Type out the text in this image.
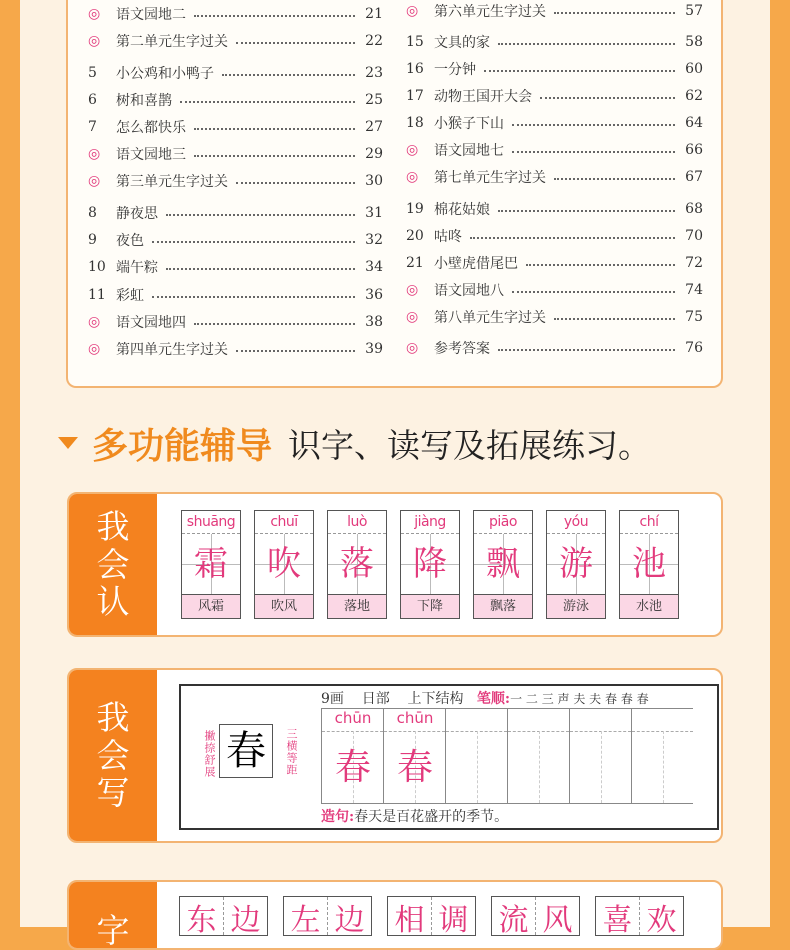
◎	语文园地二	21
◎	第二单元生字过关	22
5	小公鸡和小鸭子	23
6	树和喜鹊	25
7	怎么都快乐	27
◎	语文园地三	29
◎	第三单元生字过关	30
8	静夜思	31
9	夜色	32
10 端午粽	34
11 彩虹	36
◎	语文园地四	38
◎	第四单元生字过关	39
◎	第六单元生字过关	57
15 文具的家	58
16 一分钟	60
17 动物王国开大会	62
18 小猴子下山	64
◎	语文园地七	66
◎	第七单元生字过关	67
19 棉花姑娘	68
20 咕咚	70
21 小壁虎借尾巴	72
◎	语文园地八	74
◎	第八单元生字过关	75
◎	参考答案	76
多功能辅导 识字、读写及拓展练习。
我
会
认
shuāng
霜
风霜
chuī
吹
吹风
luò
落
落地
jiàng
降
下降
piāo
飘
飘落
yóu
游
游泳
chí
池
水池
我
会
写
9画 日部 上下结构 笔顺:一 二 三 声 夫 夫 春 春 春
撇捺舒展 春	三横等距
chūn
春
chūn
春
造句:春天是百花盛开的季节。
字	东 边 左 边 相 调 流 风 喜 欢
